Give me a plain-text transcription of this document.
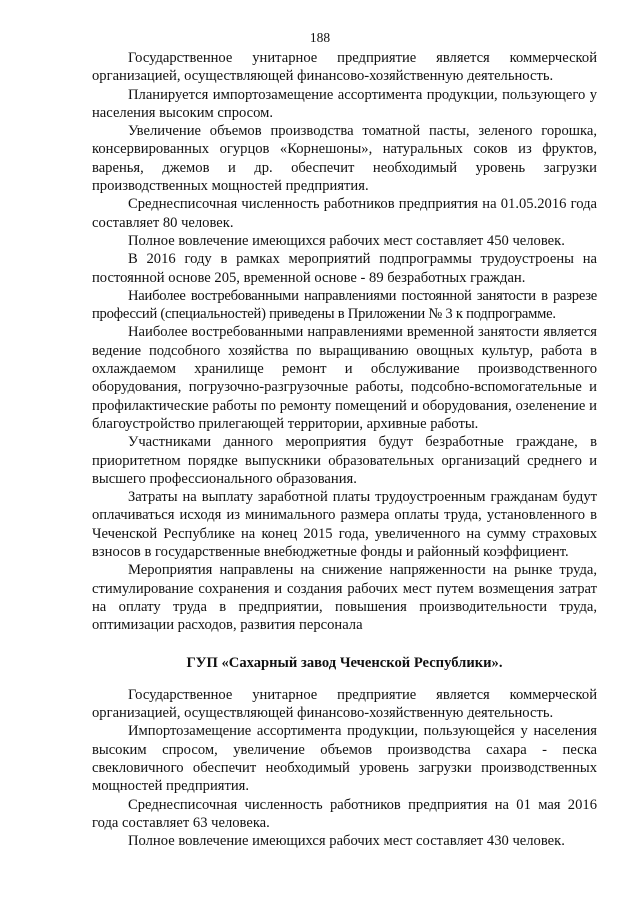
188

Государственное унитарное предприятие является коммерческой организацией, осуществляющей финансово-хозяйственную деятельность.

Планируется импортозамещение ассортимента продукции, пользующего у населения высоким спросом.

Увеличение объемов производства томатной пасты, зеленого горошка, консервированных огурцов «Корнешоны», натуральных соков из фруктов, варенья, джемов и др. обеспечит необходимый уровень загрузки производственных мощностей предприятия.

Среднесписочная численность работников предприятия на 01.05.2016 года составляет 80 человек.

Полное вовлечение имеющихся рабочих мест составляет 450 человек.

В 2016 году в рамках мероприятий подпрограммы трудоустроены на постоянной основе 205, временной основе - 89 безработных граждан.

Наиболее востребованными направлениями постоянной занятости в разрезе профессий (специальностей) приведены в Приложении № 3 к подпрограмме.

Наиболее востребованными направлениями временной занятости является ведение подсобного хозяйства по выращиванию овощных культур, работа в охлаждаемом хранилище ремонт и обслуживание производственного оборудования, погрузочно-разгрузочные работы, подсобно-вспомогательные и профилактические работы по ремонту помещений и оборудования, озеленение и благоустройство прилегающей территории, архивные работы.

Участниками данного мероприятия будут безработные граждане, в приоритетном порядке выпускники образовательных организаций среднего и высшего профессионального образования.

Затраты на выплату заработной платы трудоустроенным гражданам будут оплачиваться исходя из минимального размера оплаты труда, установленного в Чеченской Республике на конец 2015 года, увеличенного на сумму страховых взносов в государственные внебюджетные фонды и районный коэффициент.

Мероприятия направлены на снижение напряженности на рынке труда, стимулирование сохранения и создания рабочих мест путем возмещения затрат на оплату труда в предприятии, повышения производительности труда, оптимизации расходов, развития персонала

ГУП «Сахарный завод Чеченской Республики».

Государственное унитарное предприятие является коммерческой организацией, осуществляющей финансово-хозяйственную деятельность.

Импортозамещение ассортимента продукции, пользующейся у населения высоким спросом, увеличение объемов производства сахара - песка свекловичного обеспечит необходимый уровень загрузки производственных мощностей предприятия.

Среднесписочная численность работников предприятия на 01 мая 2016 года составляет 63 человека.

Полное вовлечение имеющихся рабочих мест составляет 430 человек.
